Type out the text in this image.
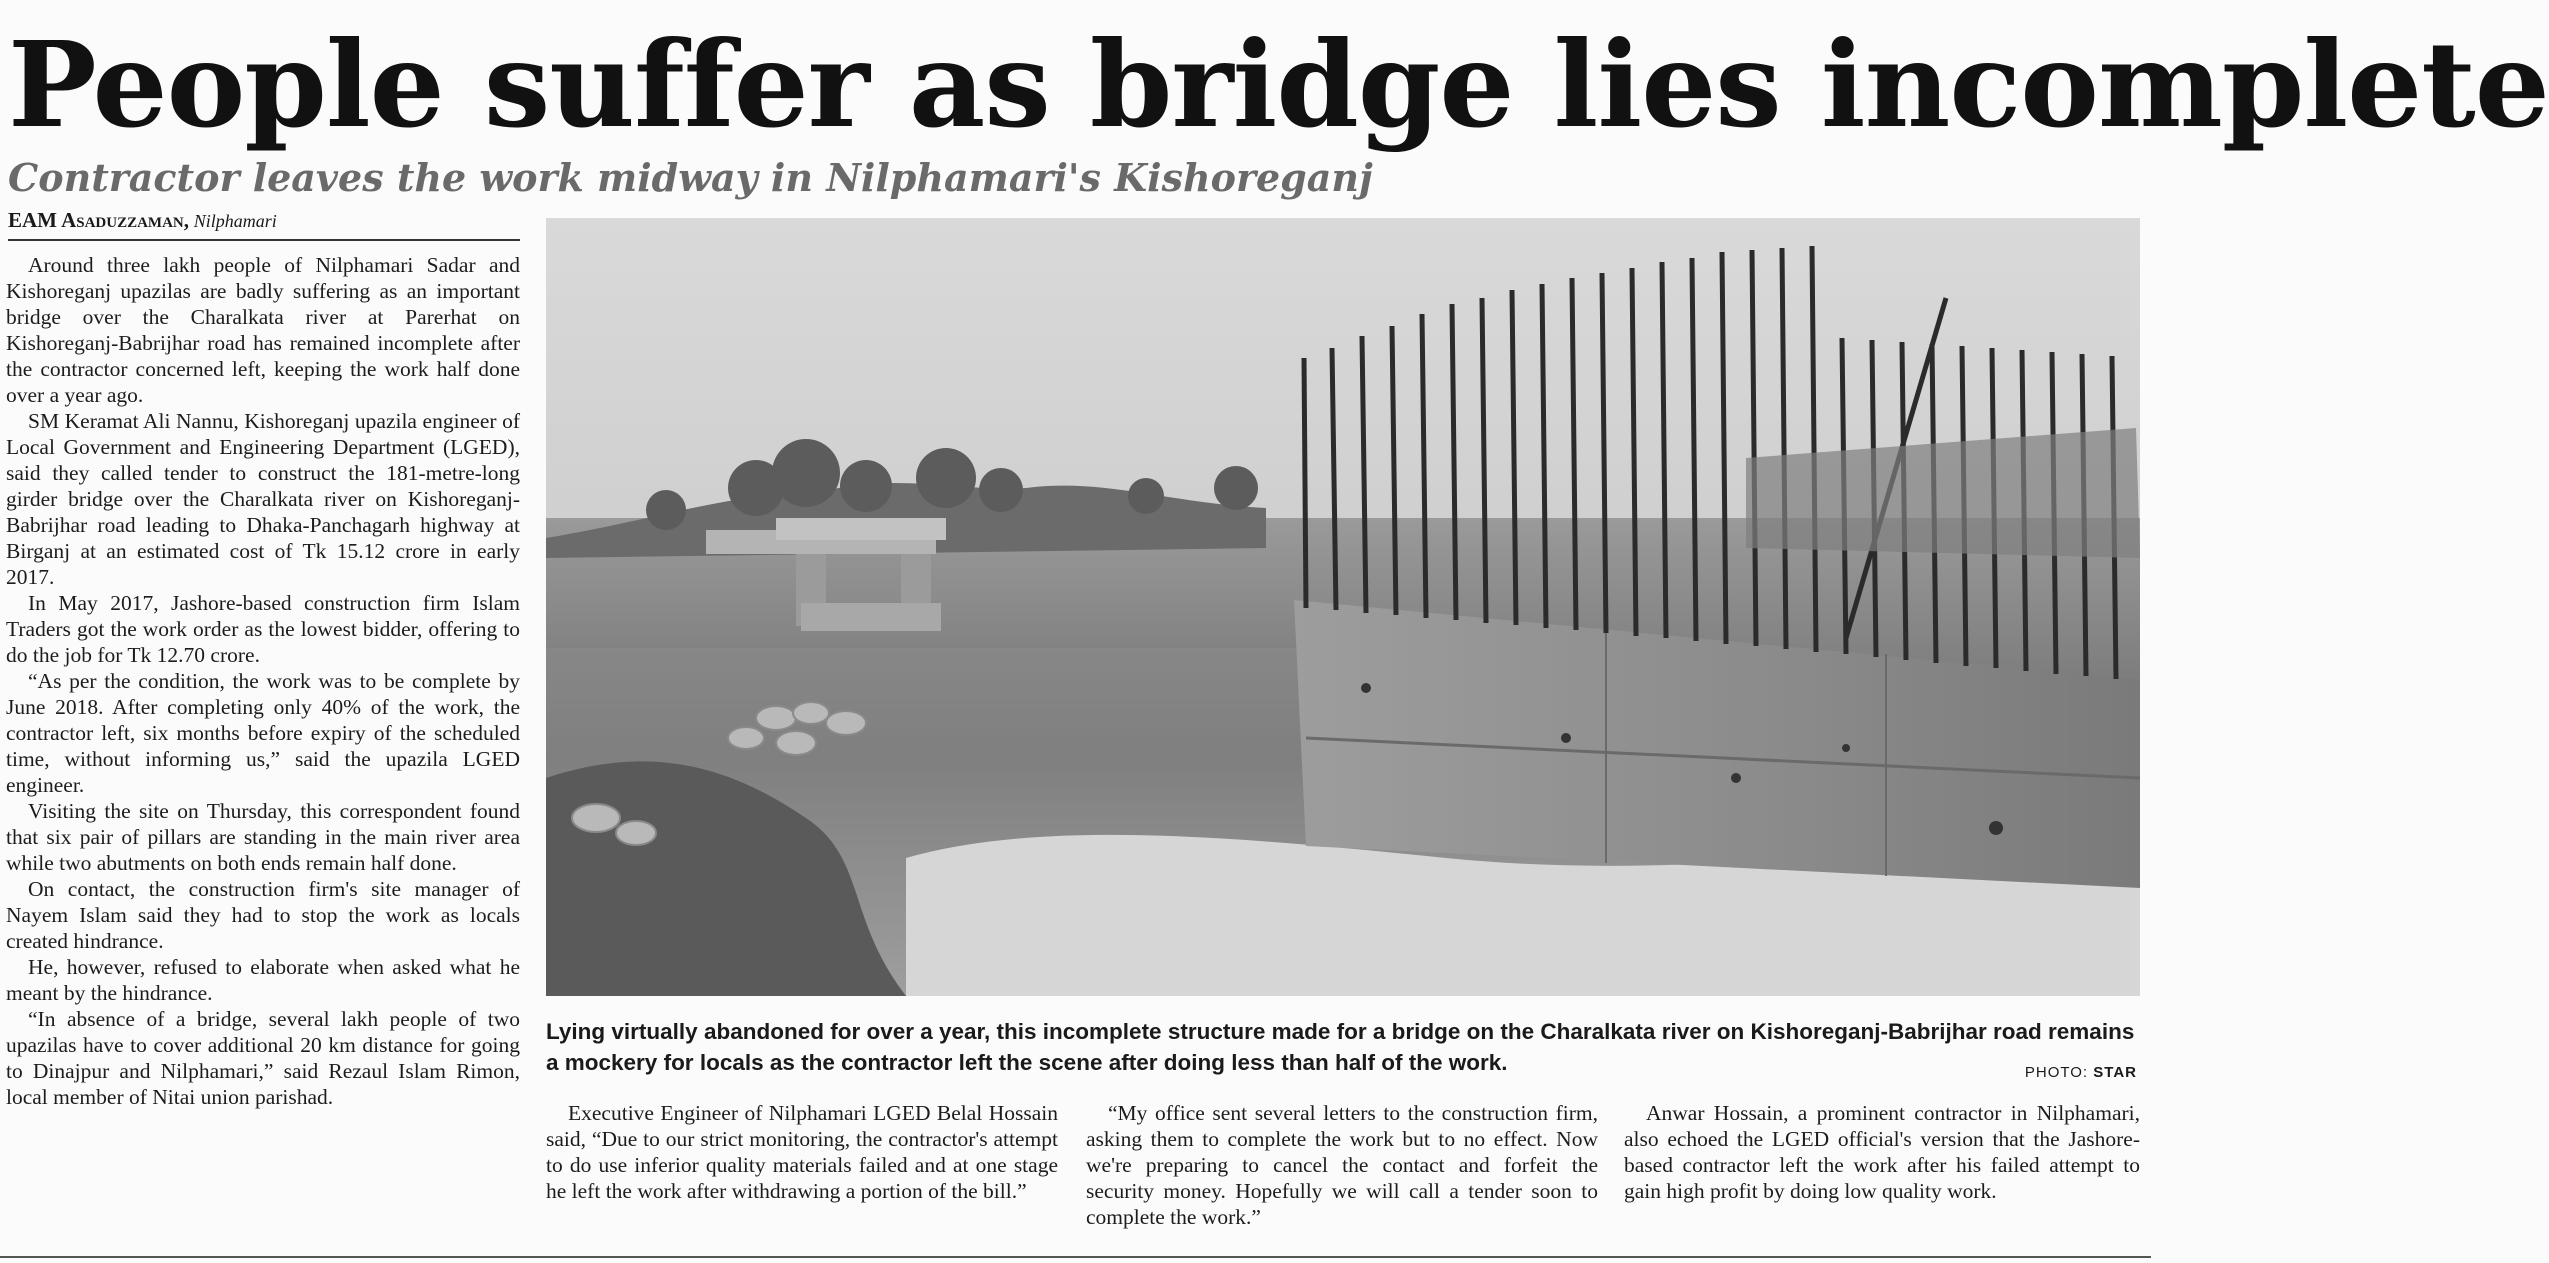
People suffer as bridge lies incomplete
Contractor leaves the work midway in Nilphamari's Kishoreganj
EAM Asaduzzaman, Nilphamari

Around three lakh people of Nilphamari Sadar and Kishoreganj upazilas are badly suffering as an important bridge over the Charalkata river at Parerhat on Kishoreganj-Babrijhar road has remained incomplete after the contractor concerned left, keeping the work half done over a year ago.

SM Keramat Ali Nannu, Kishoreganj upazila engineer of Local Government and Engineering Department (LGED), said they called tender to construct the 181-metre-long girder bridge over the Charalkata river on Kishoreganj-Babrijhar road leading to Dhaka-Panchagarh highway at Birganj at an estimated cost of Tk 15.12 crore in early 2017.

In May 2017, Jashore-based construction firm Islam Traders got the work order as the lowest bidder, offering to do the job for Tk 12.70 crore.

“As per the condition, the work was to be complete by June 2018. After completing only 40% of the work, the contractor left, six months before expiry of the scheduled time, without informing us,” said the upazila LGED engineer.

Visiting the site on Thursday, this correspondent found that six pair of pillars are standing in the main river area while two abutments on both ends remain half done.

On contact, the construction firm's site manager of Nayem Islam said they had to stop the work as locals created hindrance.

He, however, refused to elaborate when asked what he meant by the hindrance.

“In absence of a bridge, several lakh people of two upazilas have to cover additional 20 km distance for going to Dinajpur and Nilphamari,” said Rezaul Islam Rimon, local member of Nitai union parishad.

Lying virtually abandoned for over a year, this incomplete structure made for a bridge on the Charalkata river on Kishoreganj-Babrijhar road remains a mockery for locals as the contractor left the scene after doing less than half of the work.	PHOTO: STAR

Executive Engineer of Nilphamari LGED Belal Hossain said, “Due to our strict monitoring, the contractor's attempt to do use inferior quality materials failed and at one stage he left the work after withdrawing a portion of the bill.”

“My office sent several letters to the construction firm, asking them to complete the work but to no effect. Now we're preparing to cancel the contact and forfeit the security money. Hopefully we will call a tender soon to complete the work.”

Anwar Hossain, a prominent contractor in Nilphamari, also echoed the LGED official's version that the Jashore-based contractor left the work after his failed attempt to gain high profit by doing low quality work.
